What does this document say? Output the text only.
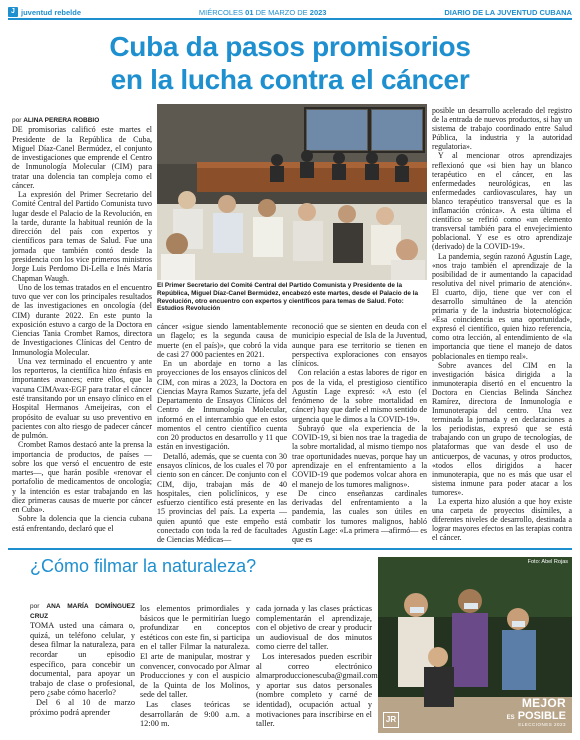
J juventud rebelde	MIÉRCOLES 01 DE MARZO DE 2023	DIARIO DE LA JUVENTUD CUBANA
Cuba da pasos promisorios
en la lucha contra el cáncer

por ALINA PERERA ROBBIO

DE promisorias calificó este martes el Presidente de la República de Cuba, Miguel Díaz-Canel Bermúdez, el conjunto de investigaciones que emprende el Centro de Inmunología Molecular (CIM) para tratar una dolencia tan compleja como el cáncer.

La expresión del Primer Secretario del Comité Central del Partido Comunista tuvo lugar desde el Palacio de la Revolución, en la tarde, durante la habitual reunión de la dirección del país con expertos y científicos para temas de Salud. Fue una jornada que también contó desde la presidencia con los vice primeros ministros Jorge Luis Perdomo Di-Lella e Inés María Chapman Waugh.

Uno de los temas tratados en el encuentro tuvo que ver con los principales resultados de las investigaciones en oncología (del CIM) durante 2022. En este punto la exposición estuvo a cargo de la Doctora en Ciencias Tania Crombet Ramos, directora de Investigaciones Clínicas del Centro de Inmunología Molecular.

Una vez terminado el encuentro y ante los reporteros, la científica hizo énfasis en importantes avances; entre ellos, que la vacuna CIMAvax-EGF para tratar el cáncer esté transitando por un ensayo clínico en el Hospital Hermanos Ameijeiras, con el propósito de evaluar su uso preventivo en pacientes con alto riesgo de padecer cáncer de pulmón.

Crombet Ramos destacó ante la prensa la importancia de productos, de países —sobre los que versó el encuentro de este martes—, que harán posible «renovar el portafolio de medicamentos de oncología; y la intención es estar trabajando en las diez primeras causas de muerte por cáncer en Cuba».

Sobre la dolencia que la ciencia cubana está enfrentando, declaró que el

El Primer Secretario del Comité Central del Partido Comunista y Presidente de la República, Miguel Díaz-Canel Bermúdez, encabezó este martes, desde el Palacio de la Revolución, otro encuentro con expertos y científicos para temas de Salud. Foto: Estudios Revolución

cáncer «sigue siendo lamentablemente un flagelo; es la segunda causa de muerte (en el país)», que cobró la vida de casi 27 000 pacientes en 2021.

En un abordaje en torno a las proyecciones de los ensayos clínicos del CIM, con miras a 2023, la Doctora en Ciencias Mayra Ramos Suzarte, jefa del Departamento de Ensayos Clínicos del Centro de Inmunología Molecular, informó en el intercambio que en estos momentos el centro científico cuenta con 20 productos en desarrollo y 11 que están en investigación.

Detalló, además, que se cuenta con 30 ensayos clínicos, de los cuales el 70 por ciento son en cáncer. De conjunto con el CIM, dijo, trabajan más de 40 hospitales, cien policlínicos, y ese esfuerzo científico está presente en las 15 provincias del país. La experta —quien apuntó que este empeño está conectado con toda la red de facultades de Ciencias Médicas—

reconoció que se sienten en deuda con el municipio especial de Isla de la Juventud, aunque para ese territorio se tienen en perspectiva exploraciones con ensayos clínicos.

Con relación a estas labores de rigor en pos de la vida, el prestigioso científico Agustín Lage expresó: «A esto (el fenómeno de la sobre mortalidad en cáncer) hay que darle el mismo sentido de urgencia que le dimos a la COVID-19».

Subrayó que «la experiencia de la COVID-19, si bien nos trae la tragedia de la sobre mortalidad, al mismo tiempo nos trae oportunidades nuevas, porque hay un aprendizaje en el enfrentamiento a la COVID-19 que podemos volcar ahora en el manejo de los tumores malignos».

De cinco enseñanzas cardinales derivadas del enfrentamiento a la pandemia, las cuales son útiles en combatir los tumores malignos, habló Agustín Lage: «La primera —afirmó— es que es

posible un desarrollo acelerado del registro de la entrada de nuevos productos, si hay un sistema de trabajo coordinado entre Salud Pública, la industria y la autoridad regulatoria».

Y al mencionar otros aprendizajes reflexionó que «si bien hay un blanco terapéutico en el cáncer, en las enfermedades neurológicas, en las enfermedades cardiovasculares, hay un blanco terapéutico transversal que es la inflamación crónica». A esta última el científico se refirió como «un elemento transversal también para el envejecimiento poblacional. Y ese es otro aprendizaje (derivado) de la COVID-19».

La pandemia, según razonó Agustín Lage, «nos trajo también el aprendizaje de la posibilidad de ir aumentando la capacidad resolutiva del nivel primario de atención». El cuarto, dijo, tiene que ver con el desarrollo simultáneo de la atención primaria y de la industria biotecnológica: «Esa coincidencia es una oportunidad», expresó el científico, quien hizo referencia, como otra lección, al entendimiento de «la importancia que tiene el manejo de datos poblacionales en tiempo real».

Sobre avances del CIM en la investigación básica dirigida a la inmunoterapia disertó en el encuentro la Doctora en Ciencias Belinda Sánchez Ramírez, directora de Inmunología e Inmunoterapia del centro. Una vez terminada la jornada y en declaraciones a los periodistas, expresó que se está trabajando con un grupo de tecnologías, de plataformas que van desde el uso de anticuerpos, de vacunas, y otros productos, «todos ellos dirigidos a hacer inmunoterapia, que no es más que usar el sistema inmune para poder atacar a los tumores».

La experta hizo alusión a que hoy existe una carpeta de proyectos disímiles, a diferentes niveles de desarrollo, destinada a lograr mayores efectos en las terapias contra el cáncer.

¿Cómo filmar la naturaleza?

por ANA MARÍA DOMÍNGUEZ CRUZ

TOMA usted una cámara o, quizá, un teléfono celular, y desea filmar la naturaleza, para recordar un episodio específico, para concebir un documental, para apoyar un trabajo de clase o profesional, pero ¿sabe cómo hacerlo?

Del 6 al 10 de marzo próximo podrá aprender

los elementos primordiales y básicos que le permitirían luego profundizar en conceptos estéticos con este fin, si participa en el taller Filmar la naturaleza. El arte de manipular, mostrar y convencer, convocado por Almar Producciones y con el auspicio de la Quinta de los Molinos, sede del taller.

Las clases teóricas se desarrollarán de 9:00 a.m. a 12:00 m.

cada jornada y las clases prácticas complementarán el aprendizaje, con el objetivo de crear y producir un audiovisual de dos minutos como cierre del taller.

Los interesados pueden escribir al correo electrónico almarproduccionescuba@gmail.com y aportar sus datos personales (nombre completo y carné de identidad), ocupación actual y motivaciones para inscribirse en el taller.

Foto: Abel Rojas
JR
MEJOR
ES POSIBLE
ELECCIONES 2023
